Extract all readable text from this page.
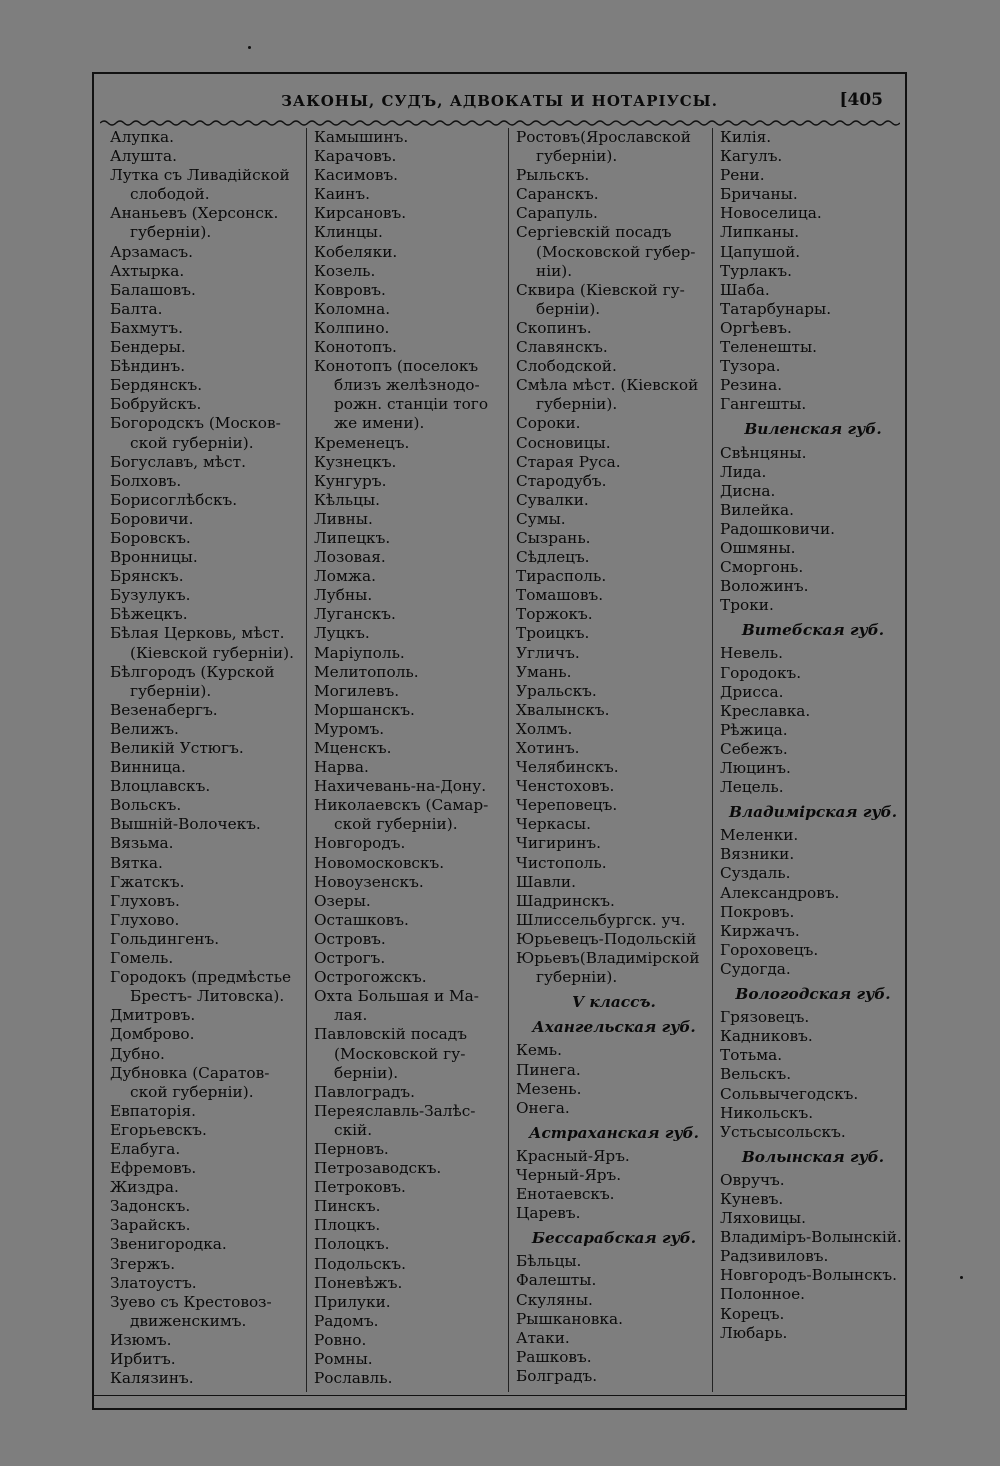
ЗАКОНЫ, СУДЪ, АДВОКАТЫ И НОТАРІУСЫ.	[405
Алупка.
Алушта.
Лутка съ Ливадійской
слободой.
Ананьевъ (Херсонск.
губерніи).
Арзамасъ.
Ахтырка.
Балашовъ.
Балта.
Бахмутъ.
Бендеры.
Бѣндинъ.
Бердянскъ.
Бобруйскъ.
Богородскъ (Москов-
ской губерніи).
Богуславъ, мѣст.
Болховъ.
Борисоглѣбскъ.
Боровичи.
Боровскъ.
Вронницы.
Брянскъ.
Бузулукъ.
Бѣжецкъ.
Бѣлая Церковь, мѣст.
(Кіевской губерніи).
Бѣлгородъ (Курской
губерніи).
Везенабергъ.
Велижъ.
Великій Устюгъ.
Винница.
Влоцлавскъ.
Вольскъ.
Вышній-Волочекъ.
Вязьма.
Вятка.
Гжатскъ.
Глуховъ.
Глухово.
Гольдингенъ.
Гомель.
Городокъ (предмѣстье
Брестъ- Литовска).
Дмитровъ.
Домброво.
Дубно.
Дубновка (Саратов-
ской губерніи).
Евпаторія.
Егорьевскъ.
Елабуга.
Ефремовъ.
Жиздра.
Задонскъ.
Зарайскъ.
Звенигородка.
Згержъ.
Златоустъ.
Зуево съ Крестовоз-
движенскимъ.
Изюмъ.
Ирбитъ.
Калязинъ.
Камышинъ.
Карачовъ.
Касимовъ.
Каинъ.
Кирсановъ.
Клинцы.
Кобеляки.
Козель.
Ковровъ.
Коломна.
Колпино.
Конотопъ.
Конотопъ (поселокъ
близъ желѣзнодо-
рожн. станціи того
же имени).
Кременецъ.
Кузнецкъ.
Кунгуръ.
Кѣльцы.
Ливны.
Липецкъ.
Лозовая.
Ломжа.
Лубны.
Луганскъ.
Луцкъ.
Маріуполь.
Мелитополь.
Могилевъ.
Моршанскъ.
Муромъ.
Мценскъ.
Нарва.
Нахичевань-на-Дону.
Николаевскъ (Самар-
ской губерніи).
Новгородъ.
Новомосковскъ.
Новоузенскъ.
Озеры.
Осташковъ.
Островъ.
Острогъ.
Острогожскъ.
Охта Большая и Ма-
лая.
Павловскій посадъ
(Московской гу-
берніи).
Павлоградъ.
Переяславль-Залѣс-
скій.
Перновъ.
Петрозаводскъ.
Петроковъ.
Пинскъ.
Плоцкъ.
Полоцкъ.
Подольскъ.
Поневѣжъ.
Прилуки.
Радомъ.
Ровно.
Ромны.
Рославль.
Ростовъ(Ярославской
губерніи).
Рыльскъ.
Саранскъ.
Сарапуль.
Сергіевскій посадъ
(Московской губер-
ніи).
Сквира (Кіевской гу-
берніи).
Скопинъ.
Славянскъ.
Слободской.
Смѣла мѣст. (Кіевской
губерніи).
Сороки.
Сосновицы.
Старая Руса.
Стародубъ.
Сувалки.
Сумы.
Сызрань.
Сѣдлецъ.
Тирасполь.
Томашовъ.
Торжокъ.
Троицкъ.
Угличъ.
Умань.
Уральскъ.
Хвалынскъ.
Холмъ.
Хотинъ.
Челябинскъ.
Ченстоховъ.
Череповецъ.
Черкасы.
Чигиринъ.
Чистополь.
Шавли.
Шадринскъ.
Шлиссельбургск. уч.
Юрьевецъ-Подольскій
Юрьевъ(Владимірской
губерніи).
V классъ.
Ахангельская губ.
Кемь.
Пинега.
Мезень.
Онега.
Астраханская губ.
Красный-Яръ.
Черный-Яръ.
Енотаевскъ.
Царевъ.
Бессарабская губ.
Бѣльцы.
Фалешты.
Скуляны.
Рышкановка.
Атаки.
Рашковъ.
Болградъ.
Килія.
Кагулъ.
Рени.
Бричаны.
Новоселица.
Липканы.
Цапушой.
Турлакъ.
Шаба.
Татарбунары.
Оргѣевъ.
Теленешты.
Тузора.
Резина.
Гангешты.
Виленская губ.
Свѣнцяны.
Лида.
Дисна.
Вилейка.
Радошковичи.
Ошмяны.
Сморгонь.
Воложинъ.
Троки.
Витебская губ.
Невель.
Городокъ.
Дрисса.
Креславка.
Рѣжица.
Себежъ.
Люцинъ.
Лецель.
Владимірская губ.
Меленки.
Вязники.
Суздаль.
Александровъ.
Покровъ.
Киржачъ.
Гороховецъ.
Судогда.
Вологодская губ.
Грязовецъ.
Кадниковъ.
Тотьма.
Вельскъ.
Сольвычегодскъ.
Никольскъ.
Устьсысольскъ.
Волынская губ.
Овручъ.
Куневъ.
Ляховицы.
Владиміръ-Волынскій.
Радзивиловъ.
Новгородъ-Волынскъ.
Полонное.
Корецъ.
Любарь.
